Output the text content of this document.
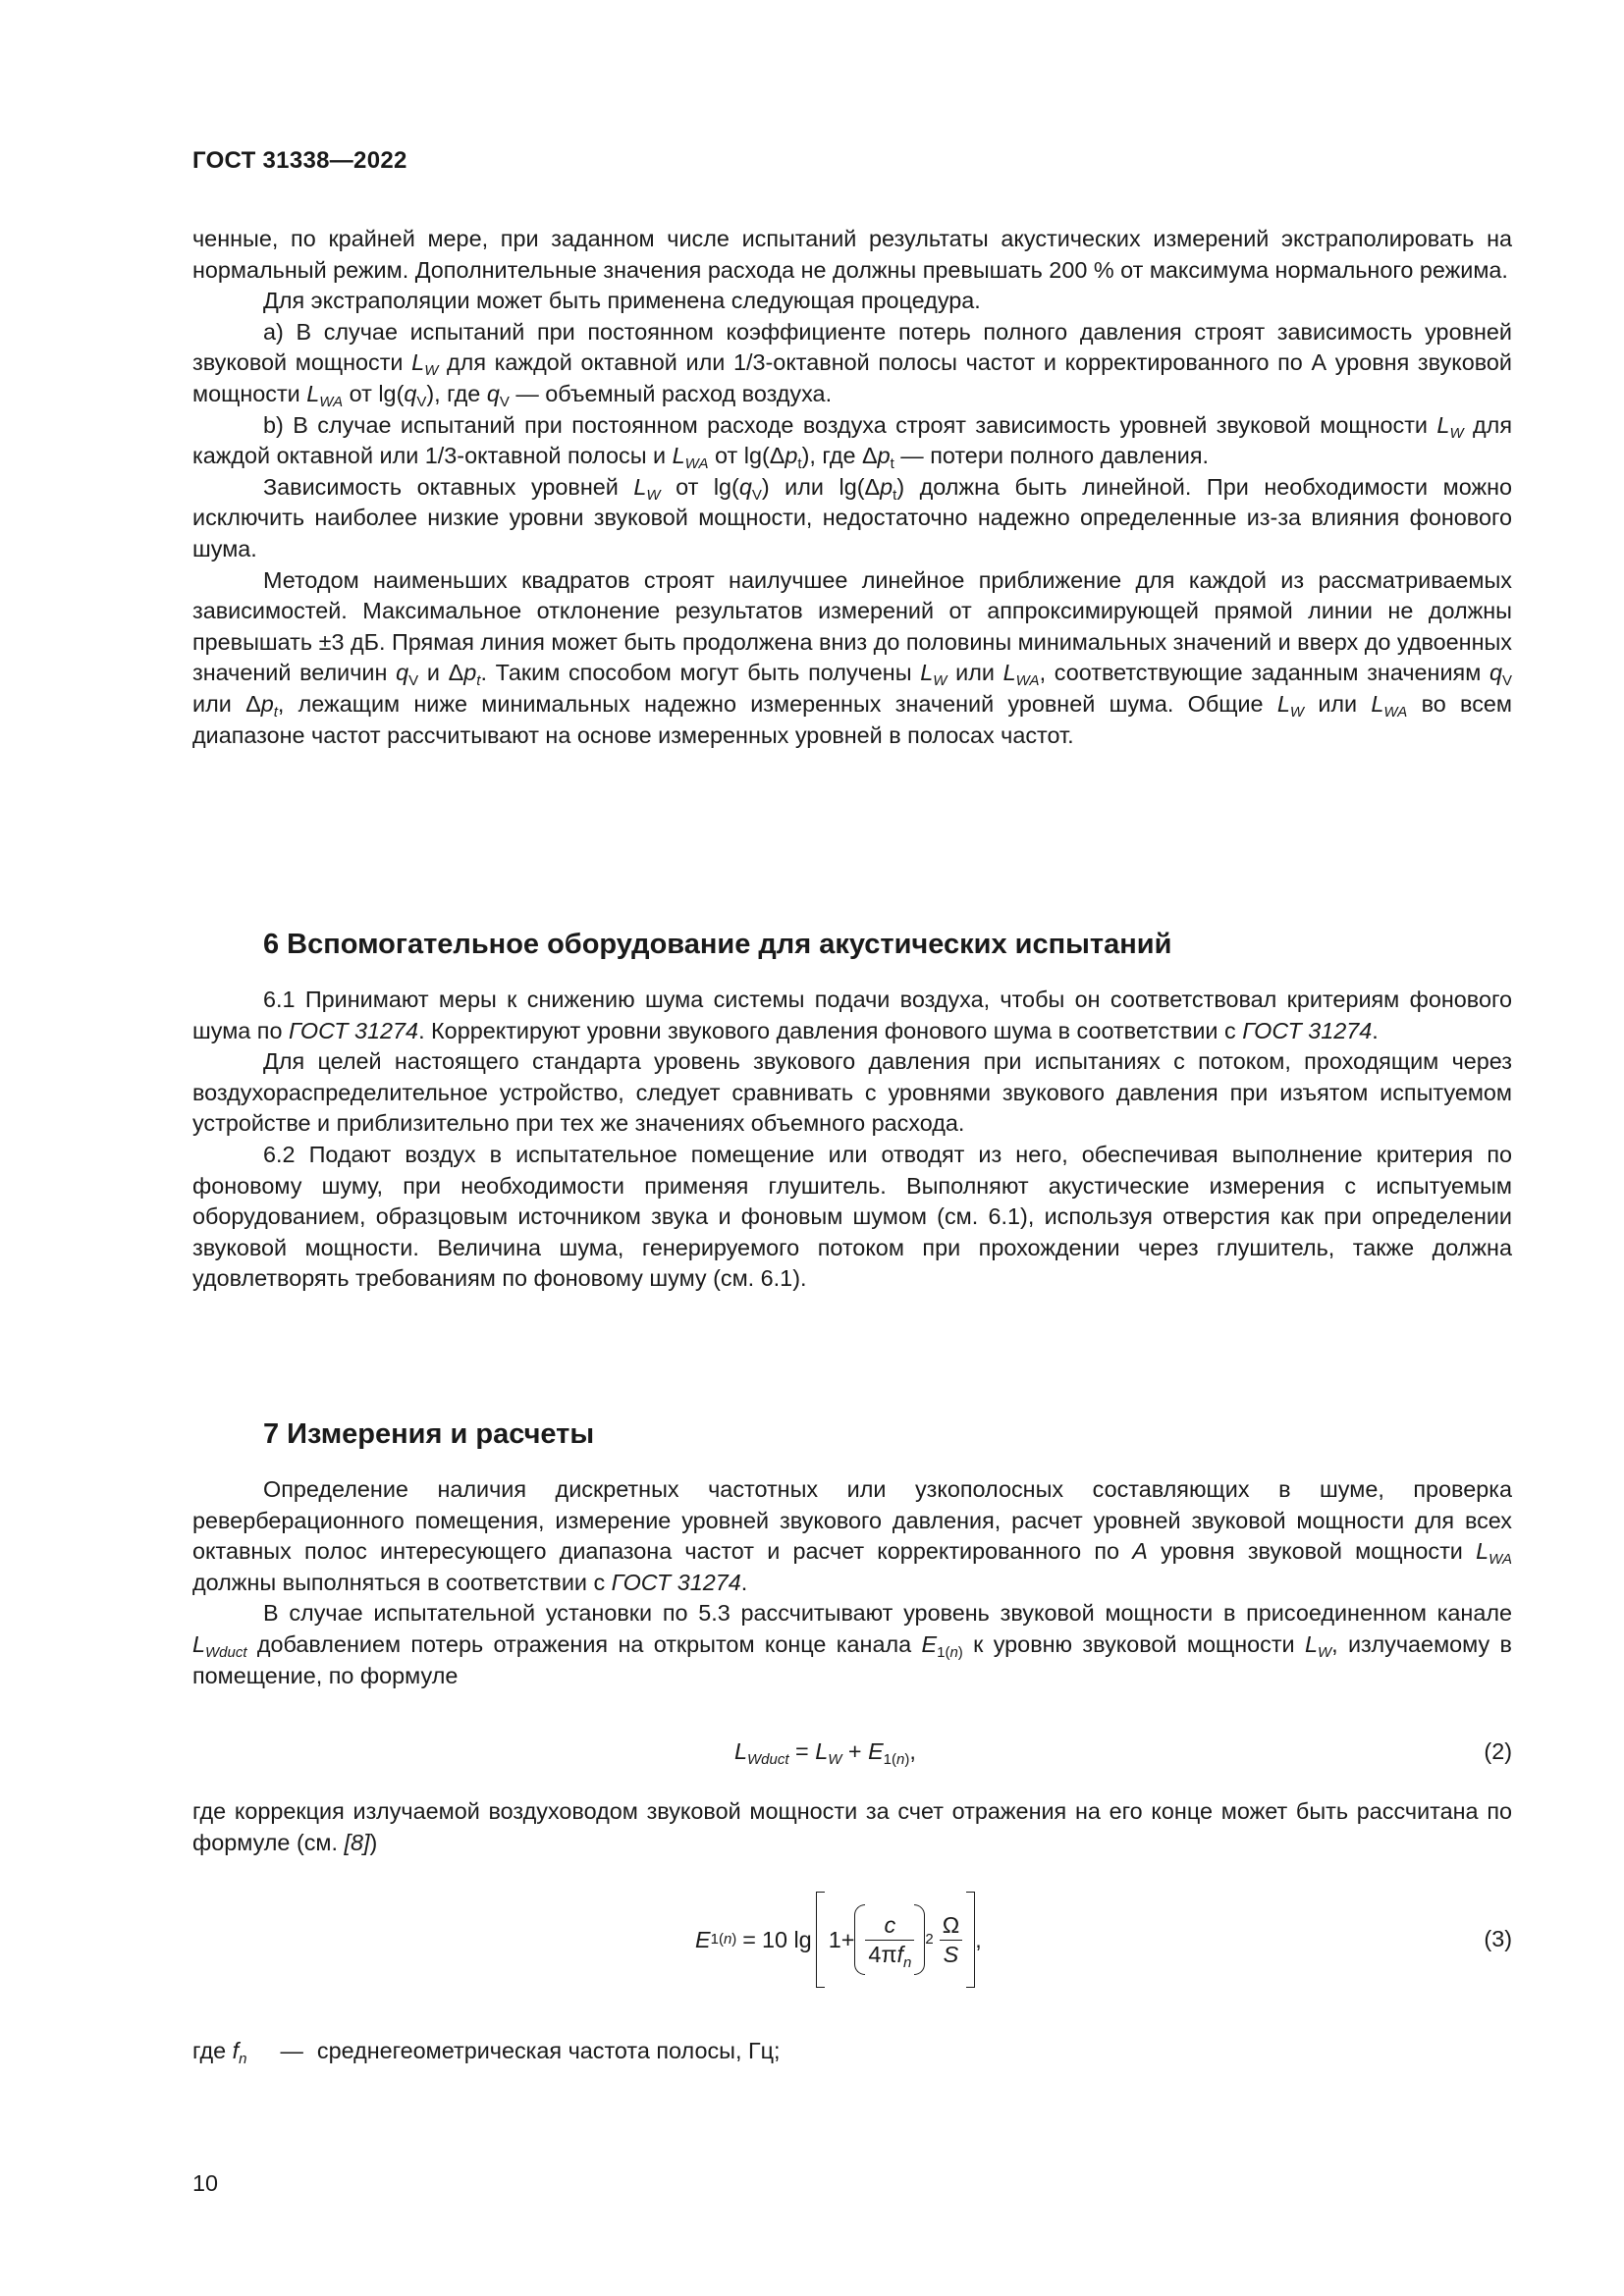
ГОСТ 31338—2022

ченные, по крайней мере, при заданном числе испытаний результаты акустических измерений экстраполировать на нормальный режим. Дополнительные значения расхода не должны превышать 200 % от максимума нормального режима.

Для экстраполяции может быть применена следующая процедура.

a) В случае испытаний при постоянном коэффициенте потерь полного давления строят зависимость уровней звуковой мощности $L_W$ для каждой октавной или 1/3-октавной полосы частот и корректированного по А уровня звуковой мощности $L_{WA}$ от $\lg(q_V)$, где $q_V$ — объемный расход воздуха.

b) В случае испытаний при постоянном расходе воздуха строят зависимость уровней звуковой мощности $L_W$ для каждой октавной или 1/3-октавной полосы и $L_{WA}$ от $\lg(\Delta p_t)$, где $\Delta p_t$ — потери полного давления.

Зависимость октавных уровней $L_W$ от $\lg(q_V)$ или $\lg(\Delta p_t)$ должна быть линейной. При необходимости можно исключить наиболее низкие уровни звуковой мощности, недостаточно надежно определенные из-за влияния фонового шума.

Методом наименьших квадратов строят наилучшее линейное приближение для каждой из рассматриваемых зависимостей. Максимальное отклонение результатов измерений от аппроксимирующей прямой линии не должны превышать ±3 дБ. Прямая линия может быть продолжена вниз до половины минимальных значений и вверх до удвоенных значений величин $q_V$ и $\Delta p_t$. Таким способом могут быть получены $L_W$ или $L_{WA}$, соответствующие заданным значениям $q_V$ или $\Delta p_t$, лежащим ниже минимальных надежно измеренных значений уровней шума. Общие $L_W$ или $L_{WA}$ во всем диапазоне частот рассчитывают на основе измеренных уровней в полосах частот.

6 Вспомогательное оборудование для акустических испытаний

6.1 Принимают меры к снижению шума системы подачи воздуха, чтобы он соответствовал критериям фонового шума по ГОСТ 31274. Корректируют уровни звукового давления фонового шума в соответствии с ГОСТ 31274.

Для целей настоящего стандарта уровень звукового давления при испытаниях с потоком, проходящим через воздухораспределительное устройство, следует сравнивать с уровнями звукового давления при изъятом испытуемом устройстве и приблизительно при тех же значениях объемного расхода.

6.2 Подают воздух в испытательное помещение или отводят из него, обеспечивая выполнение критерия по фоновому шуму, при необходимости применяя глушитель. Выполняют акустические измерения с испытуемым оборудованием, образцовым источником звука и фоновым шумом (см. 6.1), используя отверстия как при определении звуковой мощности. Величина шума, генерируемого потоком при прохождении через глушитель, также должна удовлетворять требованиям по фоновому шуму (см. 6.1).

7 Измерения и расчеты

Определение наличия дискретных частотных или узкополосных составляющих в шуме, проверка реверберационного помещения, измерение уровней звукового давления, расчет уровней звуковой мощности для всех октавных полос интересующего диапазона частот и расчет корректированного по A уровня звуковой мощности $L_{WA}$ должны выполняться в соответствии с ГОСТ 31274.

В случае испытательной установки по 5.3 рассчитывают уровень звуковой мощности в присоединенном канале $L_{Wduct}$ добавлением потерь отражения на открытом конце канала $E_{1(n)}$ к уровню звуковой мощности $L_W$, излучаемому в помещение, по формуле

$L_{Wduct} = L_W + E_{1(n)}$,	(2)

где коррекция излучаемой воздуховодом звуковой мощности за счет отражения на его конце может быть рассчитана по формуле (см. [8])

E 1(n) = 10 $\lg 1+ \frac{c}{4\pi f_n} 2 \frac{\Omega}{S}$ ,	(3)

где $f_n$ — среднегеометрическая частота полосы, Гц;

10
